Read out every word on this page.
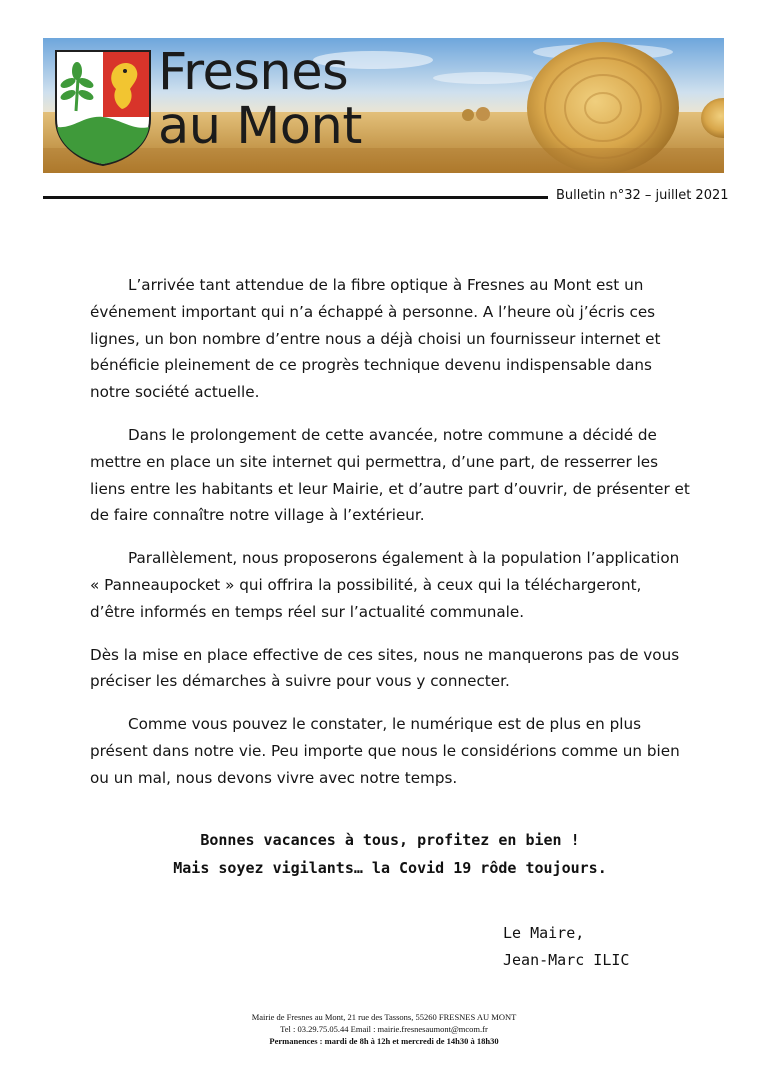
Fresnes
au Mont
Bulletin n°32 – juillet 2021

L’arrivée tant attendue de la fibre optique à Fresnes au Mont est un événement important qui n’a échappé à personne. A l’heure où j’écris ces lignes, un bon nombre d’entre nous a déjà choisi un fournisseur internet et bénéficie pleinement de ce progrès technique devenu indispensable dans notre société actuelle.

Dans le prolongement de cette avancée, notre commune a décidé de mettre en place un site internet qui permettra, d’une part, de resserrer les liens entre les habitants et leur Mairie, et d’autre part d’ouvrir, de présenter et de faire connaître notre village à l’extérieur.

Parallèlement, nous proposerons également à la population l’application « Panneaupocket » qui offrira la possibilité, à ceux qui la téléchargeront, d’être informés en temps réel sur l’actualité communale.

Dès la mise en place effective de ces sites, nous ne manquerons pas de vous préciser les démarches à suivre pour vous y connecter.

Comme vous pouvez le constater, le numérique est de plus en plus présent dans notre vie. Peu importe que nous le considérions comme un bien ou un mal, nous devons vivre avec notre temps.

Bonnes vacances à tous, profitez en bien !
Mais soyez vigilants… la Covid 19 rôde toujours.
Le Maire,
Jean-Marc ILIC
Mairie de Fresnes au Mont, 21 rue des Tassons, 55260 FRESNES AU MONT
Tel : 03.29.75.05.44 Email : mairie.fresnesaumont@mcom.fr
Permanences : mardi de 8h à 12h et mercredi de 14h30 à 18h30
